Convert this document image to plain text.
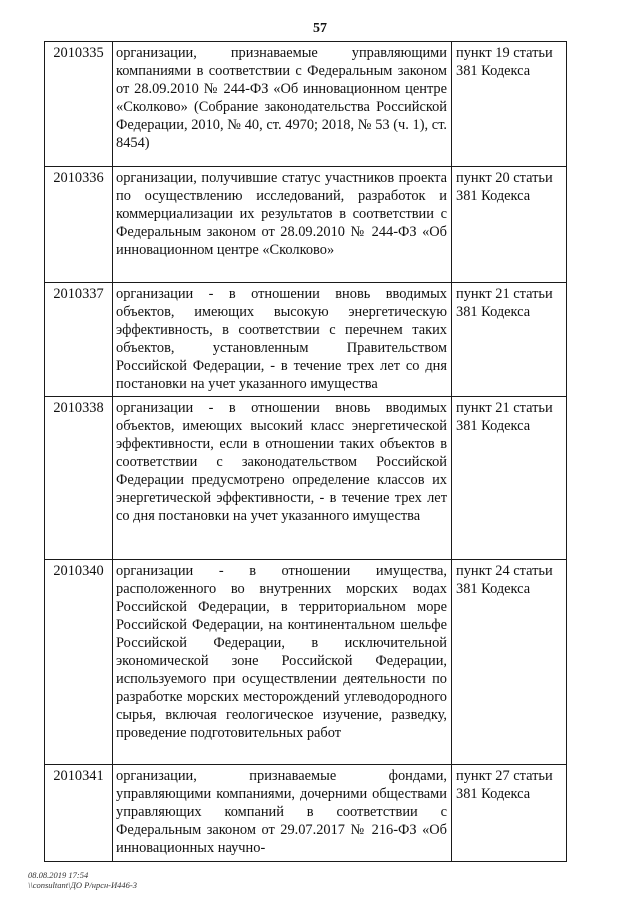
57
2010335	организации, признаваемые управляющими компаниями в соответствии с Федеральным законом от 28.09.2010 № 244-ФЗ «Об инновационном центре «Сколково» (Собрание законодательства Российской Федерации, 2010, № 40, ст. 4970; 2018, № 53 (ч. 1), ст. 8454)	пункт 19 статьи
381 Кодекса

2010336	организации, получившие статус участников проекта по осуществлению исследований, разработок и коммерциализации их результатов в соответствии с Федеральным законом от 28.09.2010 № 244-ФЗ «Об инновационном центре «Сколково»	пункт 20 статьи
381 Кодекса

2010337	организации - в отношении вновь вводимых объектов, имеющих высокую энергетическую эффективность, в соответствии с перечнем таких объектов, установленным Правительством Российской Федерации, - в течение трех лет со дня постановки на учет указанного имущества	пункт 21 статьи
381 Кодекса

2010338	организации - в отношении вновь вводимых объектов, имеющих высокий класс энергетической эффективности, если в отношении таких объектов в соответствии с законодательством Российской Федерации предусмотрено определение классов их энергетической эффективности, - в течение трех лет со дня постановки на учет указанного имущества	пункт 21 статьи
381 Кодекса

2010340	организации - в отношении имущества, расположенного во внутренних морских водах Российской Федерации, в территориальном море Российской Федерации, на континентальном шельфе Российской Федерации, в исключительной экономической зоне Российской Федерации, используемого при осуществлении деятельности по разработке морских месторождений углеводородного сырья, включая геологическое изучение, разведку, проведение подготовительных работ	пункт 24 статьи
381 Кодекса

2010341	организации, признаваемые фондами, управляющими компаниями, дочерними обществами управляющих компаний в соответствии с Федеральным законом от 29.07.2017 № 216-ФЗ «Об инновационных научно-	пункт 27 статьи
381 Кодекса
08.08.2019 17:54
\\consultant\ДО Р/нрсн-И446-3
